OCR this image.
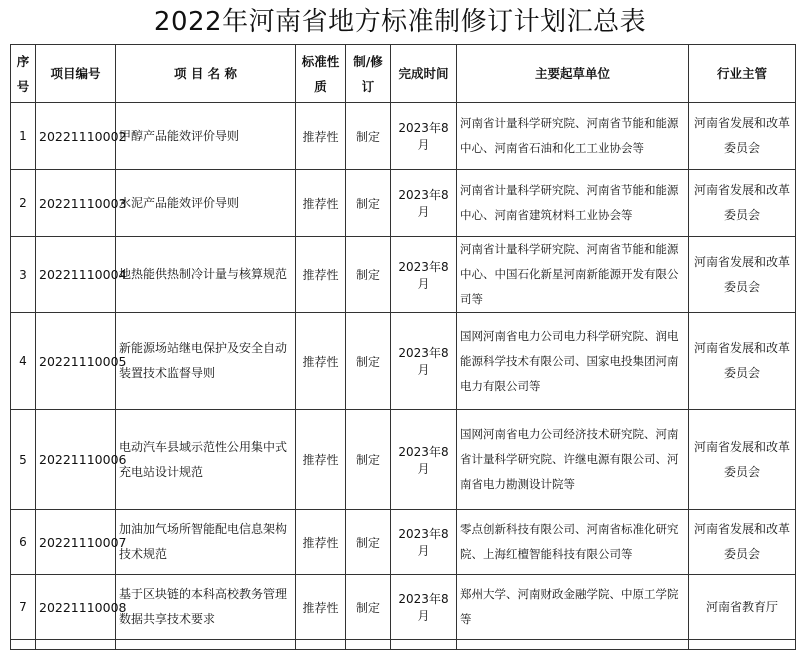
2022年河南省地方标准制修订计划汇总表
序号	项目编号	项 目 名 称	标准性质	制/修订	完成时间	主要起草单位	行业主管
1	20221110002	甲醇产品能效评价导则	推荐性	制定	2023年8月	河南省计量科学研究院、河南省节能和能源中心、河南省石油和化工工业协会等	河南省发展和改革委员会
2	20221110003	水泥产品能效评价导则	推荐性	制定	2023年8月	河南省计量科学研究院、河南省节能和能源中心、河南省建筑材料工业协会等	河南省发展和改革委员会
3	20221110004	地热能供热制冷计量与核算规范	推荐性	制定	2023年8月	河南省计量科学研究院、河南省节能和能源中心、中国石化新星河南新能源开发有限公司等	河南省发展和改革委员会
4	20221110005	新能源场站继电保护及安全自动装置技术监督导则	推荐性	制定	2023年8月	国网河南省电力公司电力科学研究院、润电能源科学技术有限公司、国家电投集团河南电力有限公司等	河南省发展和改革委员会
5	20221110006	电动汽车县域示范性公用集中式充电站设计规范	推荐性	制定	2023年8月	国网河南省电力公司经济技术研究院、河南省计量科学研究院、许继电源有限公司、河南省电力勘测设计院等	河南省发展和改革委员会
6	20221110007	加油加气场所智能配电信息架构技术规范	推荐性	制定	2023年8月	零点创新科技有限公司、河南省标准化研究院、上海红檀智能科技有限公司等	河南省发展和改革委员会
7	20221110008	基于区块链的本科高校教务管理数据共享技术要求	推荐性	制定	2023年8月	郑州大学、河南财政金融学院、中原工学院等	河南省教育厅
